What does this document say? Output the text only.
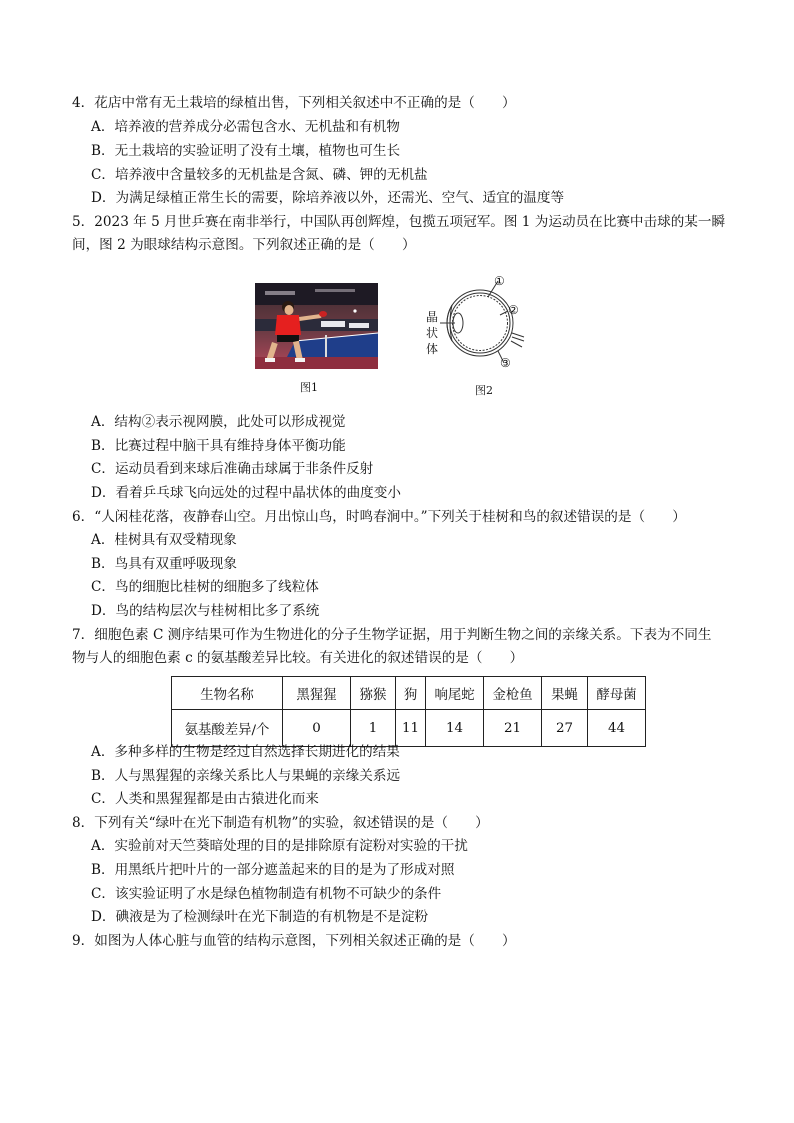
4．花店中常有无土栽培的绿植出售，下列相关叙述中不正确的是（　　）
A．培养液的营养成分必需包含水、无机盐和有机物
B．无土栽培的实验证明了没有土壤，植物也可生长
C．培养液中含量较多的无机盐是含氮、磷、钾的无机盐
D．为满足绿植正常生长的需要，除培养液以外，还需光、空气、适宜的温度等
5．2023 年 5 月世乒赛在南非举行，中国队再创辉煌，包揽五项冠军。图 1 为运动员在比赛中击球的某一瞬
间，图 2 为眼球结构示意图。下列叙述正确的是（　　）
图1
①
②
③
晶
状
体
图2
A．结构②表示视网膜，此处可以形成视觉
B．比赛过程中脑干具有维持身体平衡功能
C．运动员看到来球后准确击球属于非条件反射
D．看着乒乓球飞向远处的过程中晶状体的曲度变小
6．“人闲桂花落，夜静春山空。月出惊山鸟，时鸣春涧中。”下列关于桂树和鸟的叙述错误的是（　　）
A．桂树具有双受精现象
B．鸟具有双重呼吸现象
C．鸟的细胞比桂树的细胞多了线粒体
D．鸟的结构层次与桂树相比多了系统
7．细胞色素 C 测序结果可作为生物进化的分子生物学证据，用于判断生物之间的亲缘关系。下表为不同生
物与人的细胞色素 c 的氨基酸差异比较。有关进化的叙述错误的是（　　）
生物名称	黑猩猩	猕猴	狗	响尾蛇	金枪鱼	果蝇	酵母菌
氨基酸差异/个	0	1	11	14	21	27	44
A．多种多样的生物是经过自然选择长期进化的结果
B．人与黑猩猩的亲缘关系比人与果蝇的亲缘关系远
C．人类和黑猩猩都是由古猿进化而来
8．下列有关“绿叶在光下制造有机物”的实验，叙述错误的是（　　）
A．实验前对天竺葵暗处理的目的是排除原有淀粉对实验的干扰
B．用黑纸片把叶片的一部分遮盖起来的目的是为了形成对照
C．该实验证明了水是绿色植物制造有机物不可缺少的条件
D．碘液是为了检测绿叶在光下制造的有机物是不是淀粉
9．如图为人体心脏与血管的结构示意图，下列相关叙述正确的是（　　）
